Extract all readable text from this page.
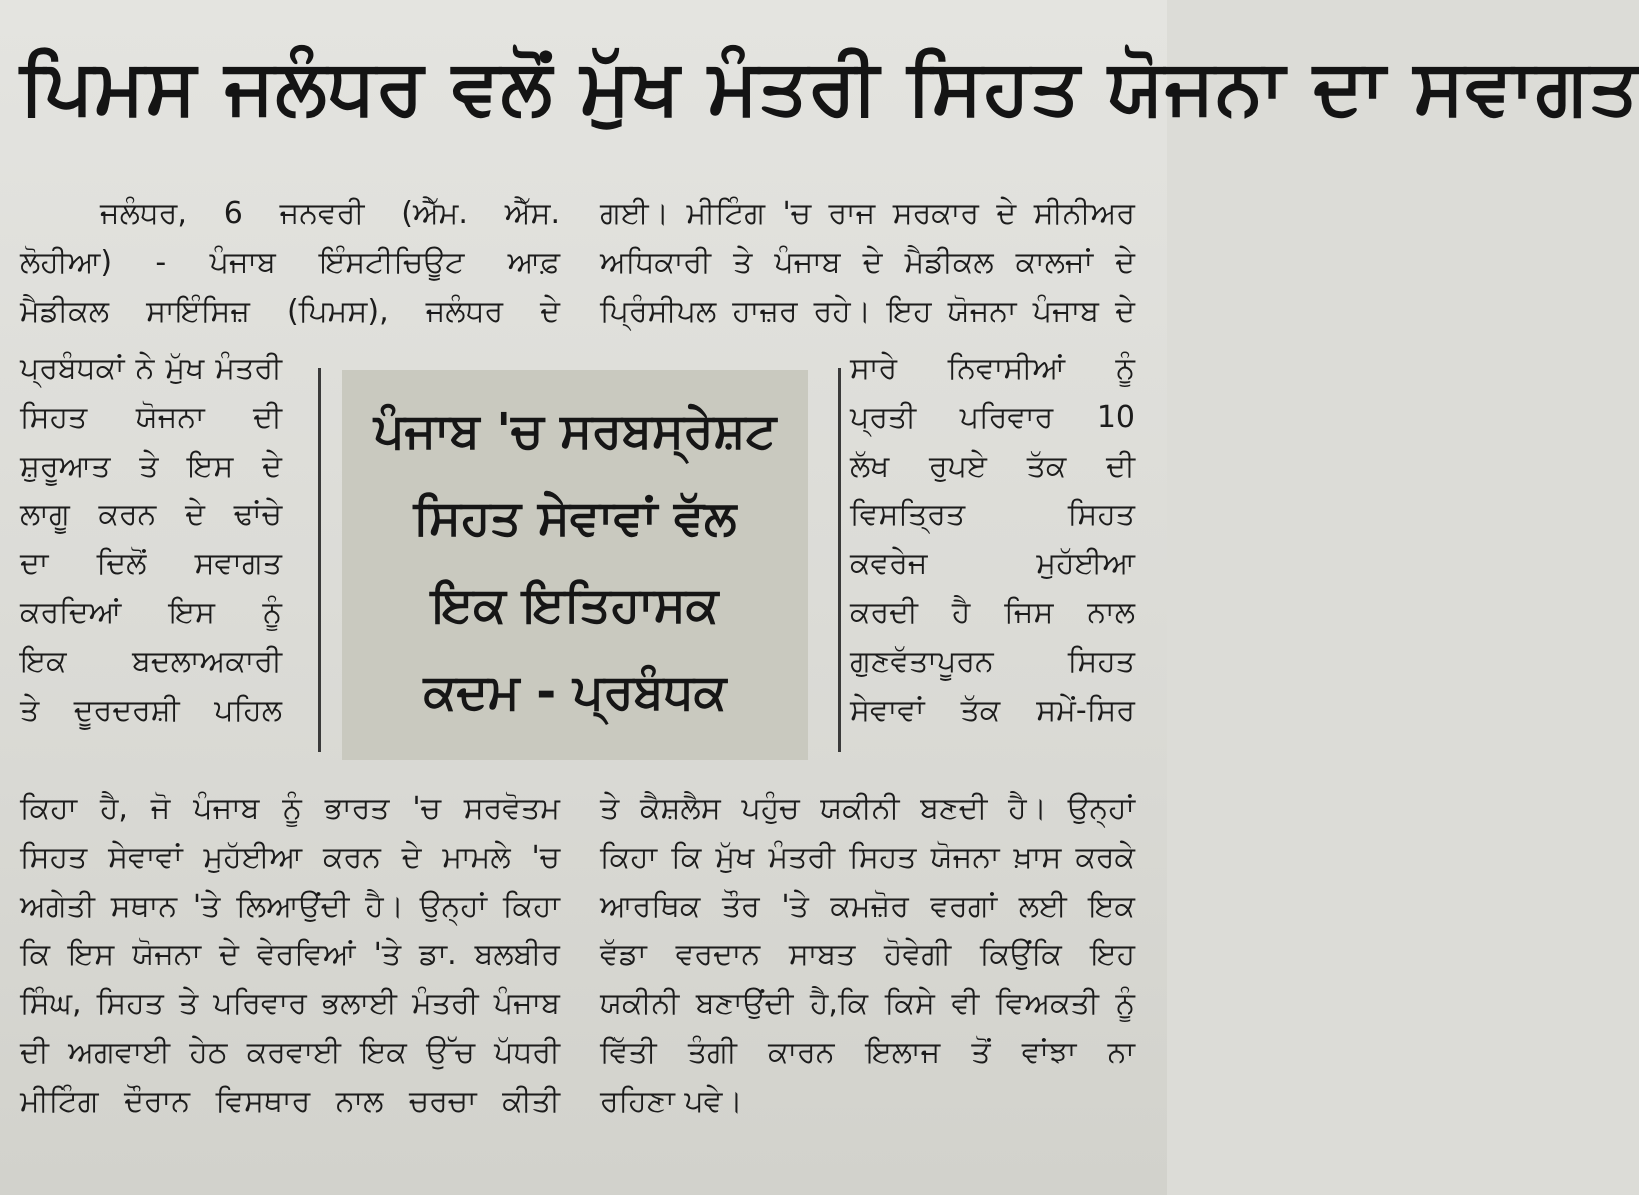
ਪਿਮਸ ਜਲੰਧਰ ਵਲੋਂ ਮੁੱਖ ਮੰਤਰੀ ਸਿਹਤ ਯੋਜਨਾ ਦਾ ਸਵਾਗਤ
ਜਲੰਧਰ, 6 ਜਨਵਰੀ (ਐੱਮ. ਐੱਸ.
ਲੋਹੀਆ) - ਪੰਜਾਬ ਇੰਸਟੀਚਿਊਟ ਆਫ਼
ਮੈਡੀਕਲ ਸਾਇੰਸਿਜ਼ (ਪਿਮਸ), ਜਲੰਧਰ ਦੇ
ਗਈ। ਮੀਟਿੰਗ 'ਚ ਰਾਜ ਸਰਕਾਰ ਦੇ ਸੀਨੀਅਰ
ਅਧਿਕਾਰੀ ਤੇ ਪੰਜਾਬ ਦੇ ਮੈਡੀਕਲ ਕਾਲਜਾਂ ਦੇ
ਪ੍ਰਿੰਸੀਪਲ ਹਾਜ਼ਰ ਰਹੇ। ਇਹ ਯੋਜਨਾ ਪੰਜਾਬ ਦੇ
ਪ੍ਰਬੰਧਕਾਂ ਨੇ ਮੁੱਖ ਮੰਤਰੀ
ਸਿਹਤ ਯੋਜਨਾ ਦੀ
ਸ਼ੁਰੂਆਤ ਤੇ ਇਸ ਦੇ
ਲਾਗੂ ਕਰਨ ਦੇ ਢਾਂਚੇ
ਦਾ ਦਿਲੋਂ ਸਵਾਗਤ
ਕਰਦਿਆਂ ਇਸ ਨੂੰ
ਇਕ ਬਦਲਾਅਕਾਰੀ
ਤੇ ਦੂਰਦਰਸ਼ੀ ਪਹਿਲ
ਪੰਜਾਬ 'ਚ ਸਰਬਸ੍ਰੇਸ਼ਟ
ਸਿਹਤ ਸੇਵਾਵਾਂ ਵੱਲ
ਇਕ ਇਤਿਹਾਸਕ
ਕਦਮ - ਪ੍ਰਬੰਧਕ
ਸਾਰੇ ਨਿਵਾਸੀਆਂ ਨੂੰ
ਪ੍ਰਤੀ ਪਰਿਵਾਰ 10
ਲੱਖ ਰੁਪਏ ਤੱਕ ਦੀ
ਵਿਸਤ੍ਰਿਤ ਸਿਹਤ
ਕਵਰੇਜ ਮੁਹੱਈਆ
ਕਰਦੀ ਹੈ ਜਿਸ ਨਾਲ
ਗੁਣਵੱਤਾਪੂਰਨ ਸਿਹਤ
ਸੇਵਾਵਾਂ ਤੱਕ ਸਮੇਂ-ਸਿਰ
ਕਿਹਾ ਹੈ, ਜੋ ਪੰਜਾਬ ਨੂੰ ਭਾਰਤ 'ਚ ਸਰਵੋਤਮ
ਸਿਹਤ ਸੇਵਾਵਾਂ ਮੁਹੱਈਆ ਕਰਨ ਦੇ ਮਾਮਲੇ 'ਚ
ਅਗੇਤੀ ਸਥਾਨ 'ਤੇ ਲਿਆਉਂਦੀ ਹੈ। ਉਨ੍ਹਾਂ ਕਿਹਾ
ਕਿ ਇਸ ਯੋਜਨਾ ਦੇ ਵੇਰਵਿਆਂ 'ਤੇ ਡਾ. ਬਲਬੀਰ
ਸਿੰਘ, ਸਿਹਤ ਤੇ ਪਰਿਵਾਰ ਭਲਾਈ ਮੰਤਰੀ ਪੰਜਾਬ
ਦੀ ਅਗਵਾਈ ਹੇਠ ਕਰਵਾਈ ਇਕ ਉੱਚ ਪੱਧਰੀ
ਮੀਟਿੰਗ ਦੌਰਾਨ ਵਿਸਥਾਰ ਨਾਲ ਚਰਚਾ ਕੀਤੀ
ਤੇ ਕੈਸ਼ਲੈਸ ਪਹੁੰਚ ਯਕੀਨੀ ਬਣਦੀ ਹੈ। ਉਨ੍ਹਾਂ
ਕਿਹਾ ਕਿ ਮੁੱਖ ਮੰਤਰੀ ਸਿਹਤ ਯੋਜਨਾ ਖ਼ਾਸ ਕਰਕੇ
ਆਰਥਿਕ ਤੌਰ 'ਤੇ ਕਮਜ਼ੋਰ ਵਰਗਾਂ ਲਈ ਇਕ
ਵੱਡਾ ਵਰਦਾਨ ਸਾਬਤ ਹੋਵੇਗੀ ਕਿਉਂਕਿ ਇਹ
ਯਕੀਨੀ ਬਣਾਉਂਦੀ ਹੈ,ਕਿ ਕਿਸੇ ਵੀ ਵਿਅਕਤੀ ਨੂੰ
ਵਿੱਤੀ ਤੰਗੀ ਕਾਰਨ ਇਲਾਜ ਤੋਂ ਵਾਂਝਾ ਨਾ
ਰਹਿਣਾ ਪਵੇ।
